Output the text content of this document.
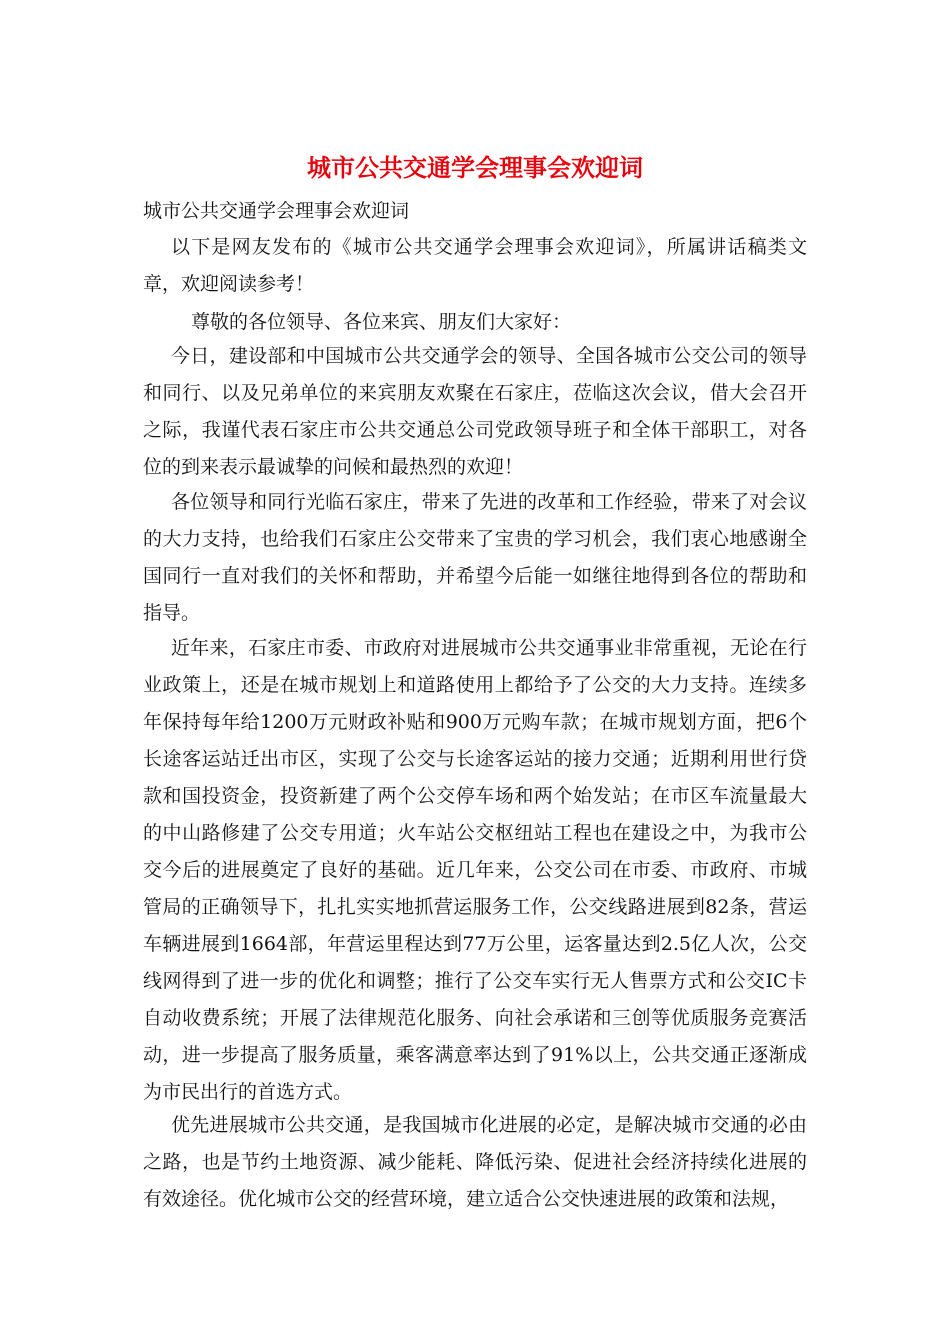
城市公共交通学会理事会欢迎词

城市公共交通学会理事会欢迎词

以下是网友发布的《城市公共交通学会理事会欢迎词》，所属讲话稿类文章，欢迎阅读参考！

尊敬的各位领导、各位来宾、朋友们大家好：

今日，建设部和中国城市公共交通学会的领导、全国各城市公交公司的领导和同行、以及兄弟单位的来宾朋友欢聚在石家庄，莅临这次会议，借大会召开之际，我谨代表石家庄市公共交通总公司党政领导班子和全体干部职工，对各位的到来表示最诚挚的问候和最热烈的欢迎！

各位领导和同行光临石家庄，带来了先进的改革和工作经验，带来了对会议的大力支持，也给我们石家庄公交带来了宝贵的学习机会，我们衷心地感谢全国同行一直对我们的关怀和帮助，并希望今后能一如继往地得到各位的帮助和指导。

近年来，石家庄市委、市政府对进展城市公共交通事业非常重视，无论在行业政策上，还是在城市规划上和道路使用上都给予了公交的大力支持。连续多年保持每年给1200万元财政补贴和900万元购车款；在城市规划方面，把6个长途客运站迁出市区，实现了公交与长途客运站的接力交通；近期利用世行贷款和国投资金，投资新建了两个公交停车场和两个始发站；在市区车流量最大的中山路修建了公交专用道；火车站公交枢纽站工程也在建设之中，为我市公交今后的进展奠定了良好的基础。近几年来，公交公司在市委、市政府、市城管局的正确领导下，扎扎实实地抓营运服务工作，公交线路进展到82条，营运车辆进展到1664部，年营运里程达到77万公里，运客量达到2.5亿人次，公交线网得到了进一步的优化和调整；推行了公交车实行无人售票方式和公交IC卡自动收费系统；开展了法律规范化服务、向社会承诺和三创等优质服务竞赛活动，进一步提高了服务质量，乘客满意率达到了91%以上，公共交通正逐渐成为市民出行的首选方式。

优先进展城市公共交通，是我国城市化进展的必定，是解决城市交通的必由之路，也是节约土地资源、减少能耗、降低污染、促进社会经济持续化进展的有效途径。优化城市公交的经营环境，建立适合公交快速进展的政策和法规，
